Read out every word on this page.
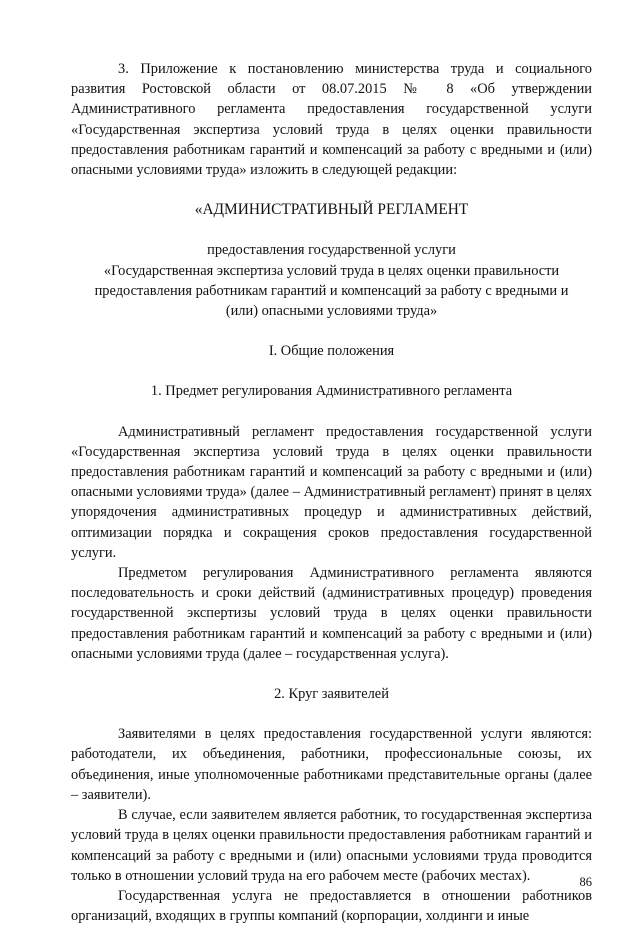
3. Приложение к постановлению министерства труда и социального развития Ростовской области от 08.07.2015 № 8 «Об утверждении Административного регламента предоставления государственной услуги «Государственная экспертиза условий труда в целях оценки правильности предоставления работникам гарантий и компенсаций за работу с вредными и (или) опасными условиями труда» изложить в следующей редакции:

«АДМИНИСТРАТИВНЫЙ РЕГЛАМЕНТ

предоставления государственной услуги

«Государственная экспертиза условий труда в целях оценки правильности

предоставления работникам гарантий и компенсаций за работу с вредными и

(или) опасными условиями труда»

I. Общие положения

1. Предмет регулирования Административного регламента

Административный регламент предоставления государственной услуги «Государственная экспертиза условий труда в целях оценки правильности предоставления работникам гарантий и компенсаций за работу с вредными и (или) опасными условиями труда» (далее – Административный регламент) принят в целях упорядочения административных процедур и административных действий, оптимизации порядка и сокращения сроков предоставления государственной услуги.

Предметом регулирования Административного регламента являются последовательность и сроки действий (административных процедур) проведения государственной экспертизы условий труда в целях оценки правильности предоставления работникам гарантий и компенсаций за работу с вредными и (или) опасными условиями труда (далее – государственная услуга).

2. Круг заявителей

Заявителями в целях предоставления государственной услуги являются: работодатели, их объединения, работники, профессиональные союзы, их объединения, иные уполномоченные работниками представительные органы (далее – заявители).

В случае, если заявителем является работник, то государственная экспертиза условий труда в целях оценки правильности предоставления работникам гарантий и компенсаций за работу с вредными и (или) опасными условиями труда проводится только в отношении условий труда на его рабочем месте (рабочих местах).

Государственная услуга не предоставляется в отношении работников организаций, входящих в группы компаний (корпорации, холдинги и иные

86
